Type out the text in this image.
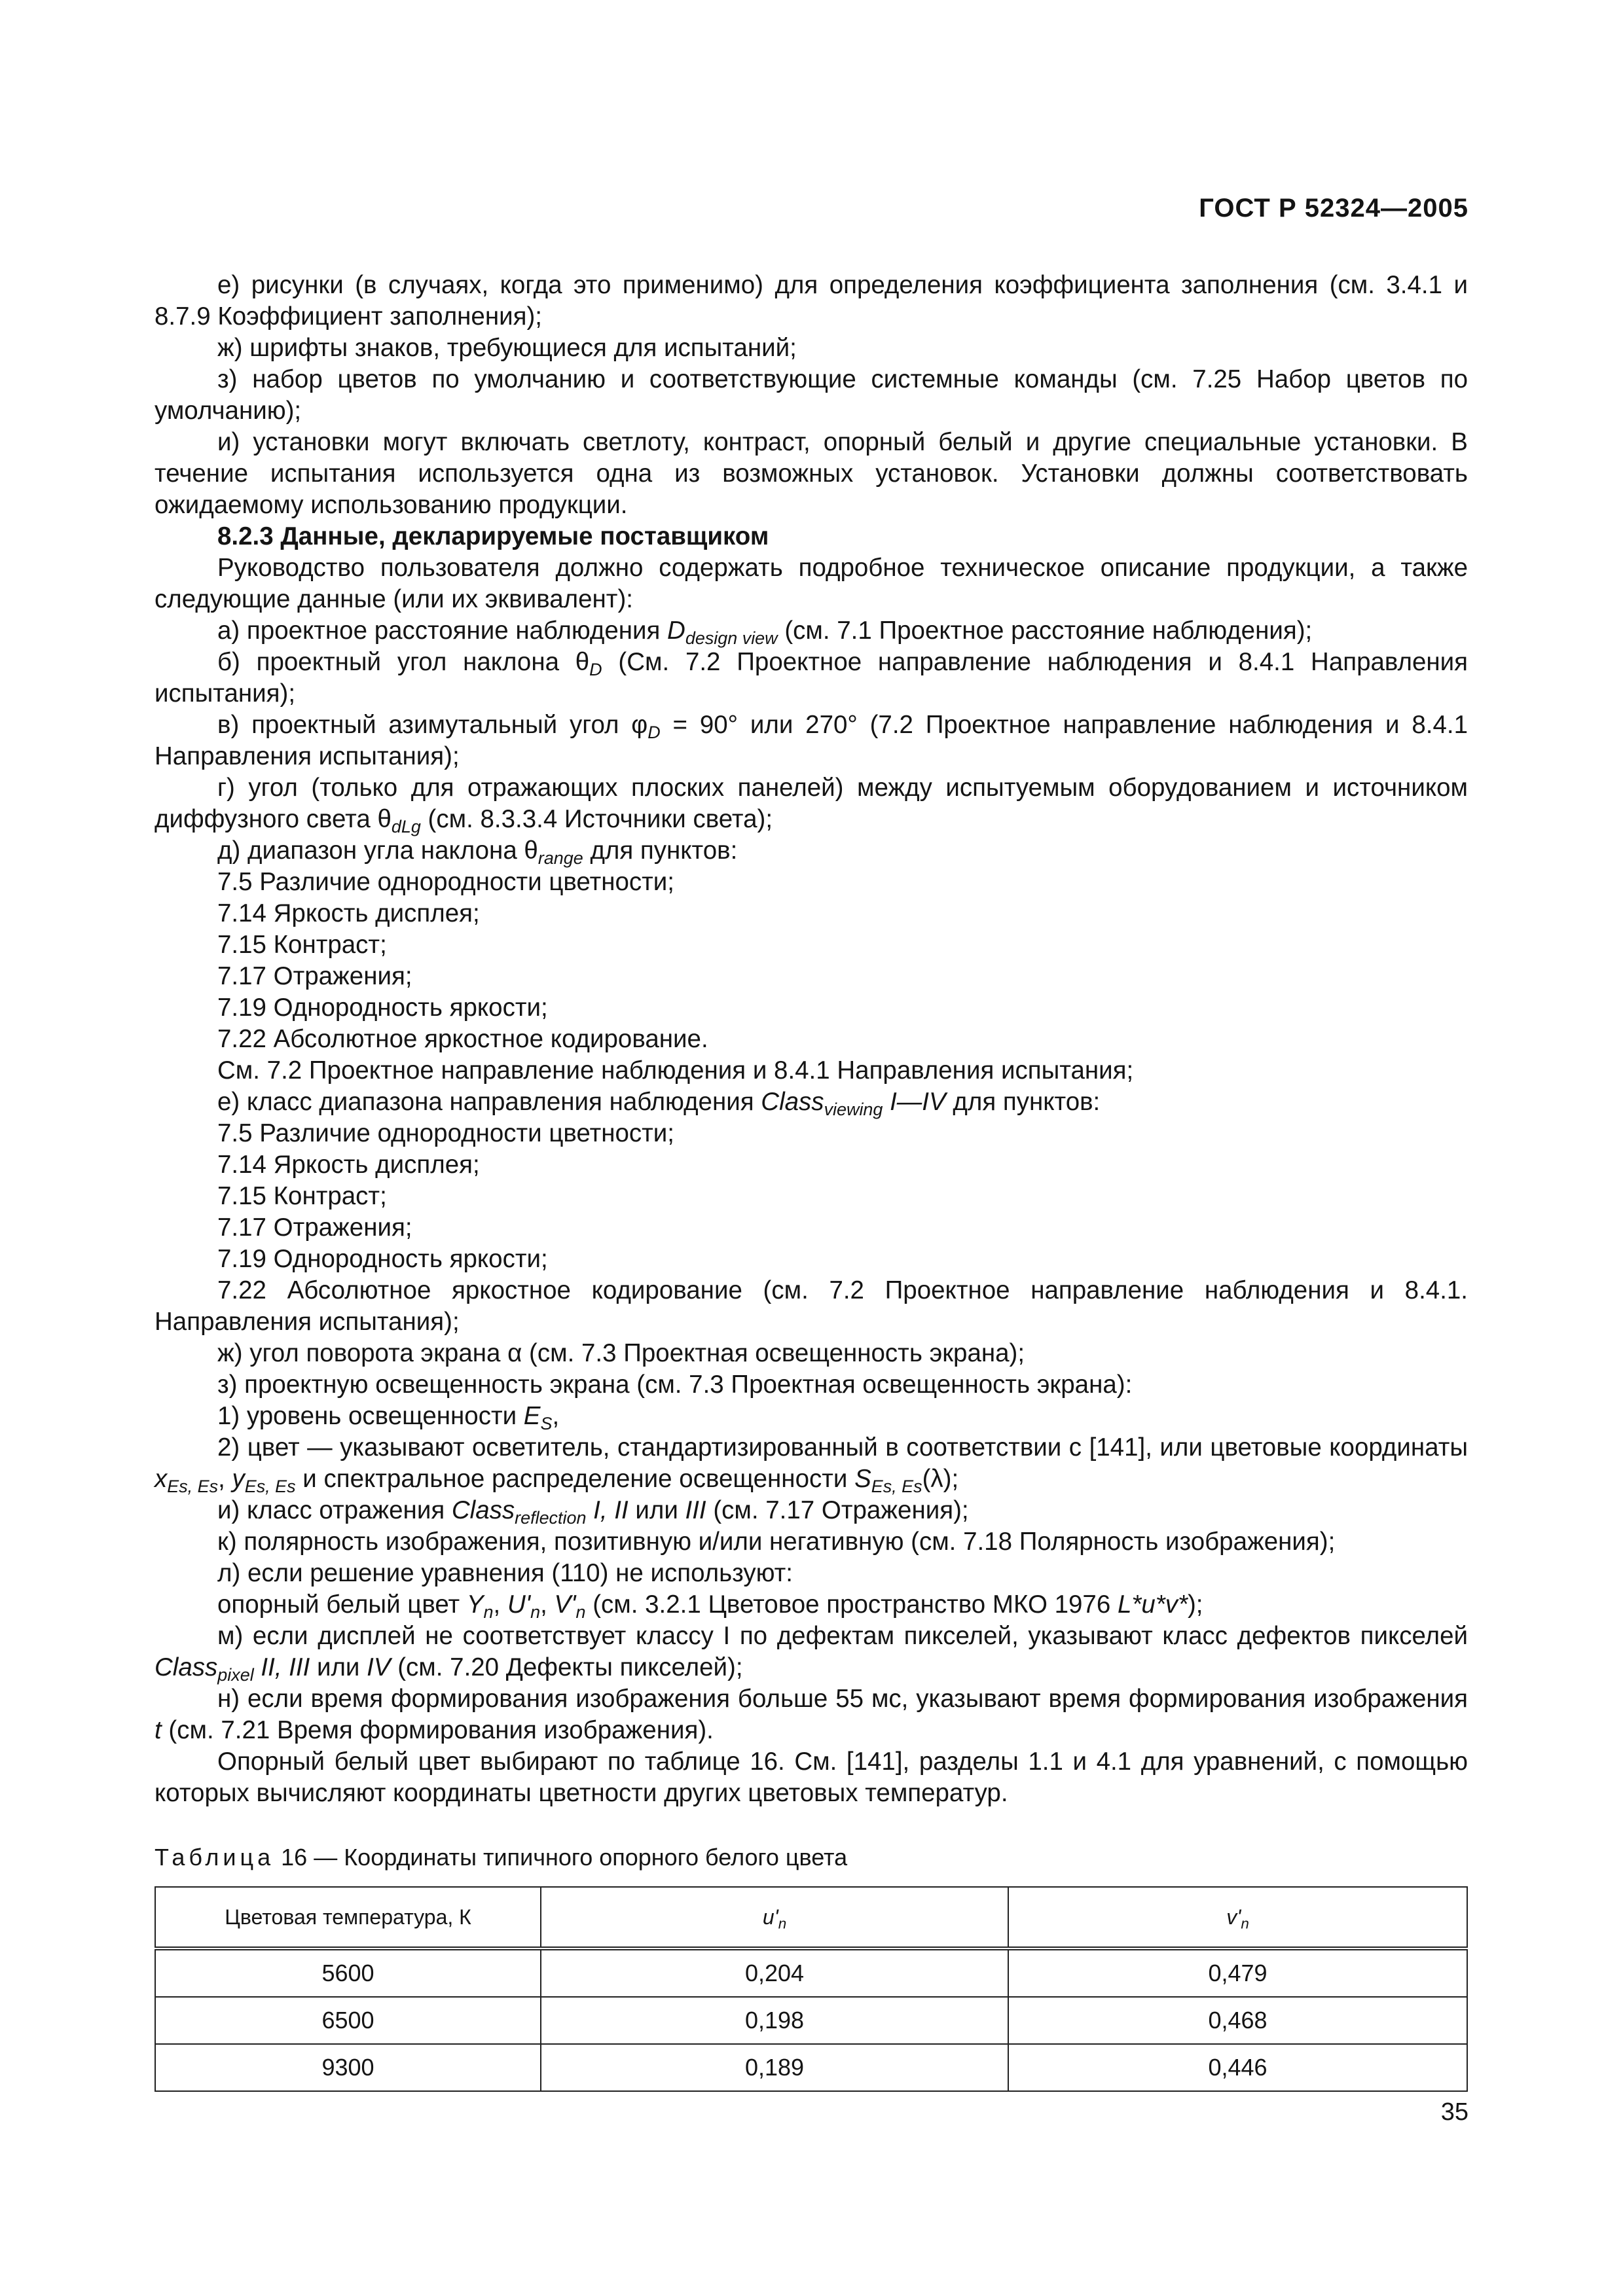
ГОСТ Р 52324—2005

е) рисунки (в случаях, когда это применимо) для определения коэффициента заполнения (см. 3.4.1 и 8.7.9 Коэффициент заполнения);

ж) шрифты знаков, требующиеся для испытаний;

з) набор цветов по умолчанию и соответствующие системные команды (см. 7.25 Набор цветов по умолчанию);

и) установки могут включать светлоту, контраст, опорный белый и другие специальные установки. В течение испытания используется одна из возможных установок. Установки должны соответствовать ожидаемому использованию продукции.

8.2.3 Данные, декларируемые поставщиком

Руководство пользователя должно содержать подробное техническое описание продукции, а также следующие данные (или их эквивалент):

а) проектное расстояние наблюдения $D_{design view}$ (см. 7.1 Проектное расстояние наблюдения);

б) проектный угол наклона $\theta_D$ (См. 7.2 Проектное направление наблюдения и 8.4.1 Направления испытания);

в) проектный азимутальный угол $\varphi_D = 90^\circ$ или 270° (7.2 Проектное направление наблюдения и 8.4.1 Направления испытания);

г) угол (только для отражающих плоских панелей) между испытуемым оборудованием и источником диффузного света $\theta_{dLg}$ (см. 8.3.3.4 Источники света);

д) диапазон угла наклона $\theta_{range}$ для пунктов:

7.5 Различие однородности цветности;

7.14 Яркость дисплея;

7.15 Контраст;

7.17 Отражения;

7.19 Однородность яркости;

7.22 Абсолютное яркостное кодирование.

См. 7.2 Проектное направление наблюдения и 8.4.1 Направления испытания;

е) класс диапазона направления наблюдения Class$_{viewing}$ I—IV для пунктов:

7.5 Различие однородности цветности;

7.14 Яркость дисплея;

7.15 Контраст;

7.17 Отражения;

7.19 Однородность яркости;

7.22 Абсолютное яркостное кодирование (см. 7.2 Проектное направление наблюдения и 8.4.1. Направления испытания);

ж) угол поворота экрана α (см. 7.3 Проектная освещенность экрана);

з) проектную освещенность экрана (см. 7.3 Проектная освещенность экрана):

1) уровень освещенности $E_S$,

2) цвет — указывают осветитель, стандартизированный в соответствии с [141], или цветовые координаты $x_{Es, Es}$, $y_{Es, Es}$ и спектральное распределение освещенности $S_{Es, Es}(\lambda)$;

и) класс отражения Class$_{reflection}$ I, II или III (см. 7.17 Отражения);

к) полярность изображения, позитивную и/или негативную (см. 7.18 Полярность изображения);

л) если решение уравнения (110) не используют:

опорный белый цвет $Y_n$, $U'_n$, $V'_n$ (см. 3.2.1 Цветовое пространство МКО 1976 L*u*v*);

м) если дисплей не соответствует классу I по дефектам пикселей, указывают класс дефектов пикселей Class$_{pixel}$ II, III или IV (см. 7.20 Дефекты пикселей);

н) если время формирования изображения больше 55 мс, указывают время формирования изображения t (см. 7.21 Время формирования изображения).

Опорный белый цвет выбирают по таблице 16. См. [141], разделы 1.1 и 4.1 для уравнений, с помощью которых вычисляют координаты цветности других цветовых температур.

Таблица 16 — Координаты типичного опорного белого цвета
Цветовая температура, К	$u'_n$	$v'_n$
5600	0,204	0,479
6500	0,198	0,468
9300	0,189	0,446
35
